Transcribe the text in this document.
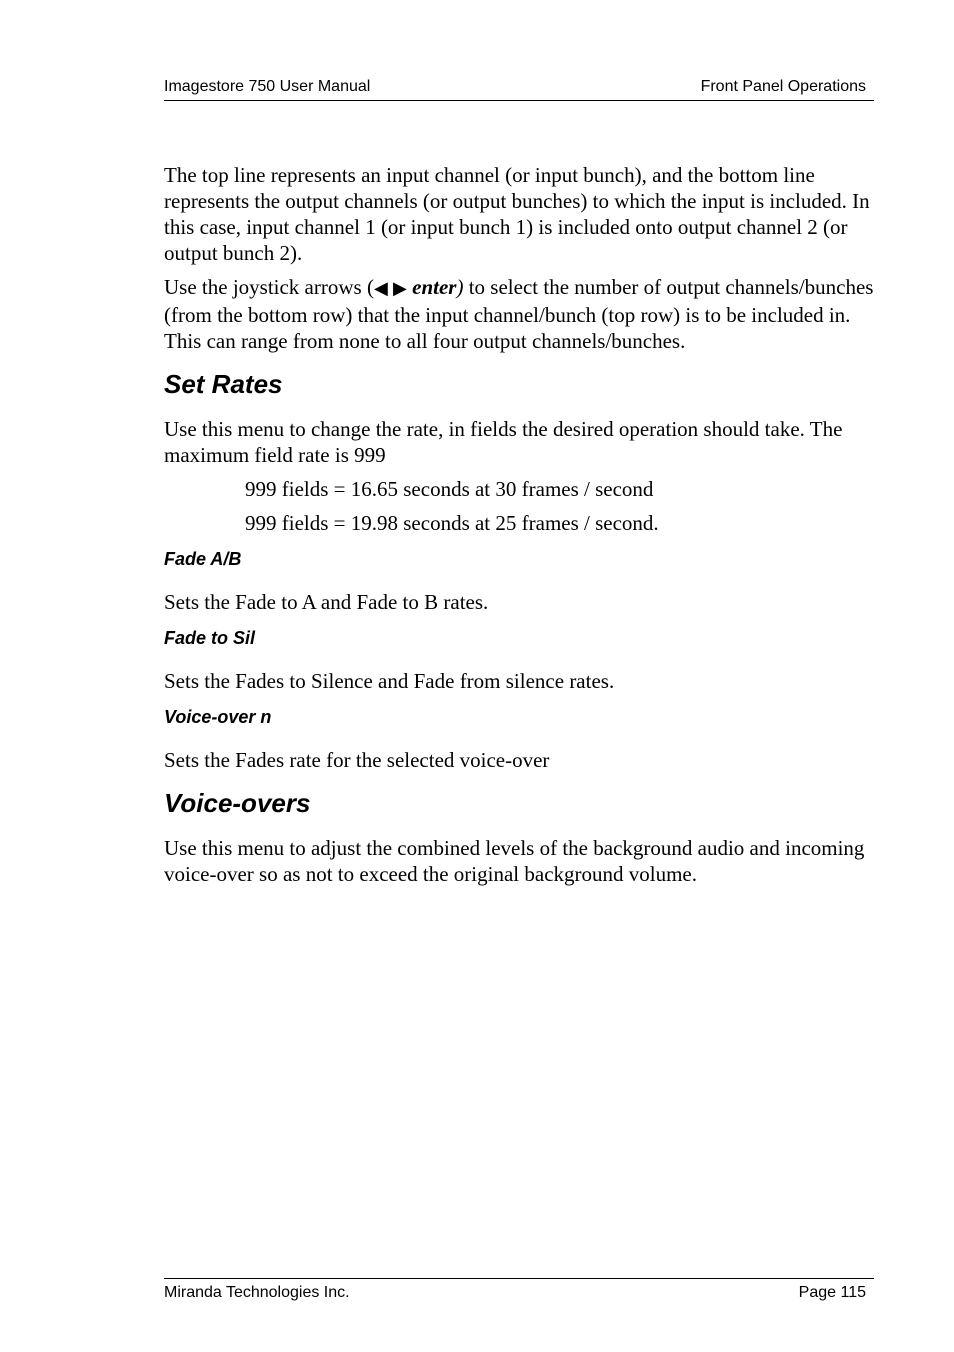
Imagestore 750 User Manual	Front Panel Operations

The top line represents an input channel (or input bunch), and the bottom line represents the output channels (or output bunches) to which the input is included. In this case, input channel 1 (or input bunch 1) is included onto output channel 2 (or output bunch 2).

Use the joystick arrows (◀ ▶ enter) to select the number of output channels/bunches (from the bottom row) that the input channel/bunch (top row) is to be included in. This can range from none to all four output channels/bunches.

Set Rates

Use this menu to change the rate, in fields the desired operation should take. The maximum field rate is 999

999 fields = 16.65 seconds at 30 frames / second

999 fields = 19.98 seconds at 25 frames / second.

Fade A/B

Sets the Fade to A and Fade to B rates.

Fade to Sil

Sets the Fades to Silence and Fade from silence rates.

Voice-over n

Sets the Fades rate for the selected voice-over

Voice-overs

Use this menu to adjust the combined levels of the background audio and incoming voice-over so as not to exceed the original background volume.

Miranda Technologies Inc.	Page 115
